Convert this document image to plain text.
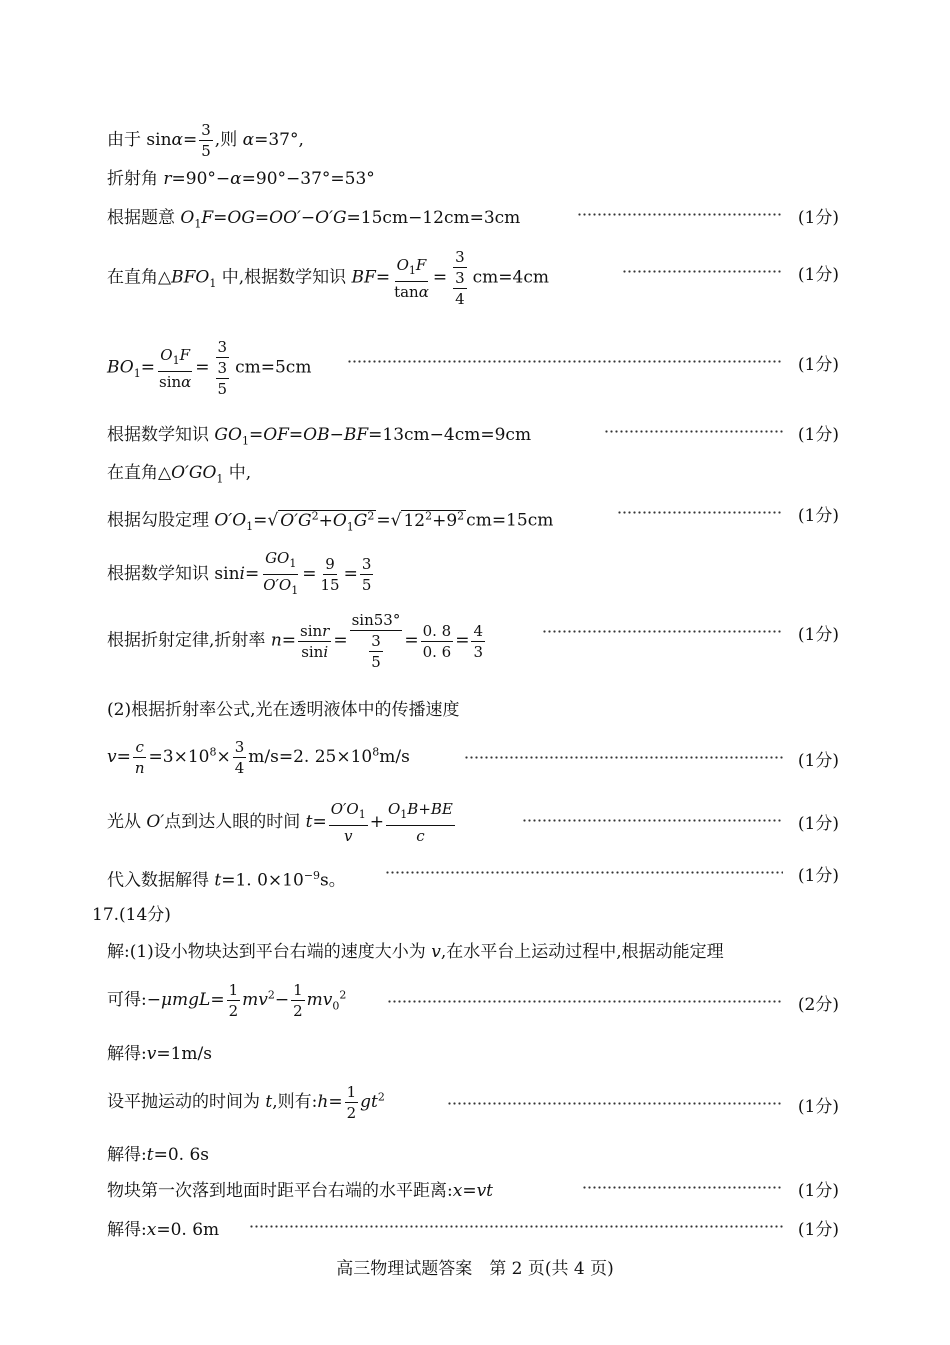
由于 $\sin\alpha= \frac{3}{5}$ ,则 α=37°,
折射角 r=90°−α=90°−37°=53°
根据题意 $O_1F=OG=OO'-O'G=15cm-12cm=3cm$	(1分)
在直角$\triangle BFO_1$ 中,根据数学知识 $BF= \frac{O_1F}{\tan\alpha} = \frac{3}{\frac{3}{4}} cm=4cm$	(1分)
$BO_1= \frac{O_1F}{\sin\alpha} = \frac{3}{\frac{3}{5}} cm=5cm$	(1分)
根据数学知识 $GO_1=OF=OB-BF=13cm-4cm=9cm$	(1分)
在直角$\triangle O'GO_1$ 中,
根据勾股定理 $O'O_1=√$ $O'G^2+O_1G^2$ =√ $12^2+9^2$ cm=15cm	(1分)
根据数学知识 $\sin i= \frac{GO_1}{O'O_1} = \frac{9}{15} = \frac{3}{5}$
根据折射定律,折射率 $n= \frac{\sin r}{\sin i} = \frac{\sin 53^\circ}{\frac{3}{5}} = \frac{0. 8}{0. 6} = \frac{4}{3}$	(1分)
(2)根据折射率公式,光在透明液体中的传播速度
$v= \frac{c}{n} =3\times 10^8\times \frac{3}{4} m/s=2$. $25\times 10^8m/s$	(1分)
光从 O′点到达人眼的时间 $t= \frac{O'O_1}{v} + \frac{O_1B+BE}{c}$	(1分)
代入数据解得 t=1. $0\times 10^{-9}s$。	(1分)
17.(14分)
解:(1)设小物块达到平台右端的速度大小为 v,在水平台上运动过程中,根据动能定理
可得:−μmgL= $\frac{1}{2} mv^2- \frac{1}{2} mv_0^2$
(2分)
解得:v=1m/s
设平抛运动的时间为 t,则有:h= $\frac{1}{2} gt^2$
(1分)
解得:t=0. 6s
物块第一次落到地面时距平台右端的水平距离:x=vt	(1分)
解得:x=0. 6m	(1分)
高三物理试题答案　第 2 页(共 4 页)
